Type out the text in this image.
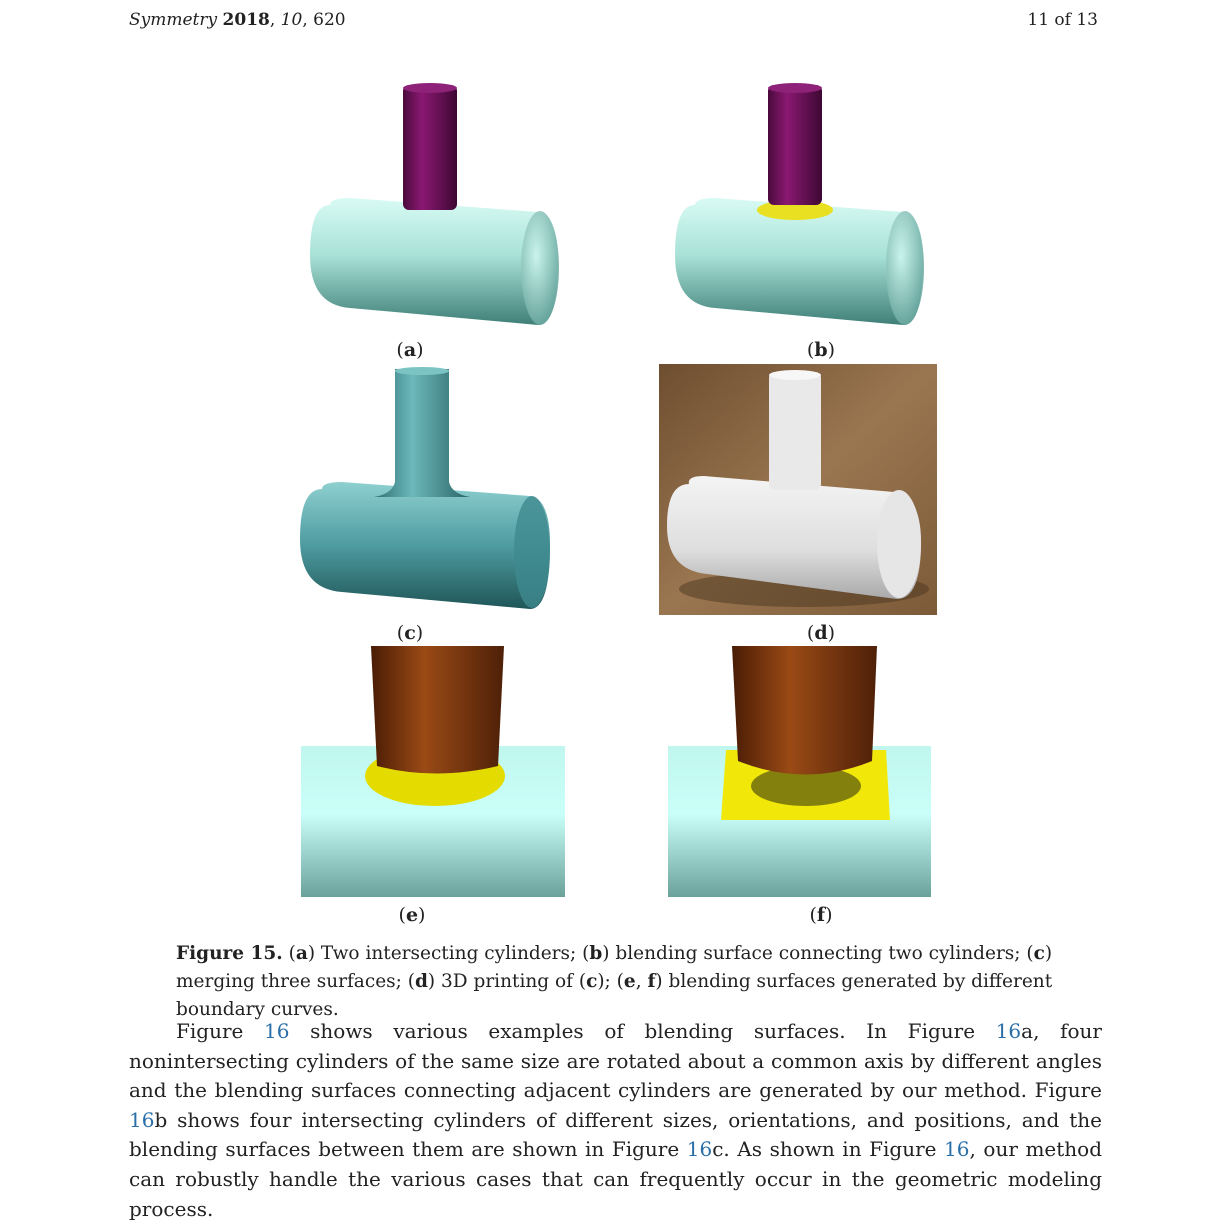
Symmetry 2018, 10, 620	11 of 13
(a)	(b)
(c)	(d)
(e)	(f)
Figure 15. (a) Two intersecting cylinders; (b) blending surface connecting two cylinders; (c) merging three surfaces; (d) 3D printing of (c); (e, f) blending surfaces generated by different boundary curves.

Figure 16 shows various examples of blending surfaces. In Figure 16a, four nonintersecting cylinders of the same size are rotated about a common axis by different angles and the blending surfaces connecting adjacent cylinders are generated by our method. Figure 16b shows four intersecting cylinders of different sizes, orientations, and positions, and the blending surfaces between them are shown in Figure 16c. As shown in Figure 16, our method can robustly handle the various cases that can frequently occur in the geometric modeling process.
